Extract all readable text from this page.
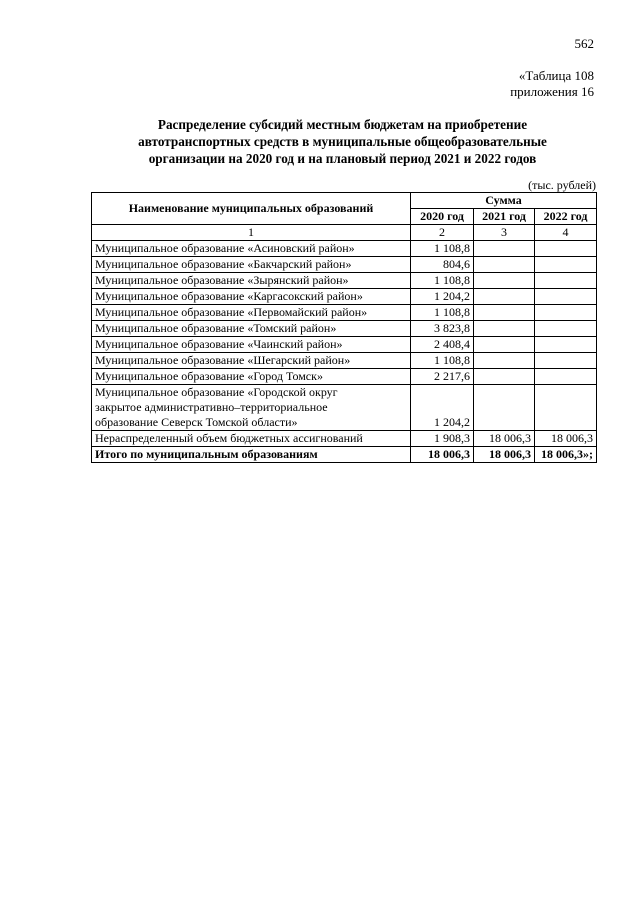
562
«Таблица 108
приложения 16
Распределение субсидий местным бюджетам на приобретение
автотранспортных средств в муниципальные общеобразовательные
организации на 2020 год и на плановый период 2021 и 2022 годов
(тыс. рублей)
Наименование муниципальных образований	Сумма		
	2020 год	2021 год	2022 год
1	2	3	4
Муниципальное образование «Асиновский район»	1 108,8		
Муниципальное образование «Бакчарский район»	804,6		
Муниципальное образование «Зырянский район»	1 108,8		
Муниципальное образование «Каргасокский район»	1 204,2		
Муниципальное образование «Первомайский район»	1 108,8		
Муниципальное образование «Томский район»	3 823,8		
Муниципальное образование «Чаинский район»	2 408,4		
Муниципальное образование «Шегарский район»	1 108,8		
Муниципальное образование «Город Томск»	2 217,6		

Муниципальное образование «Городской округ
закрытое административно–территориальное
образование Северск Томской области»	1 204,2		
Нераспределенный объем бюджетных ассигнований	1 908,3	18 006,3	18 006,3
Итого по муниципальным образованиям	18 006,3	18 006,3	18 006,3»;
